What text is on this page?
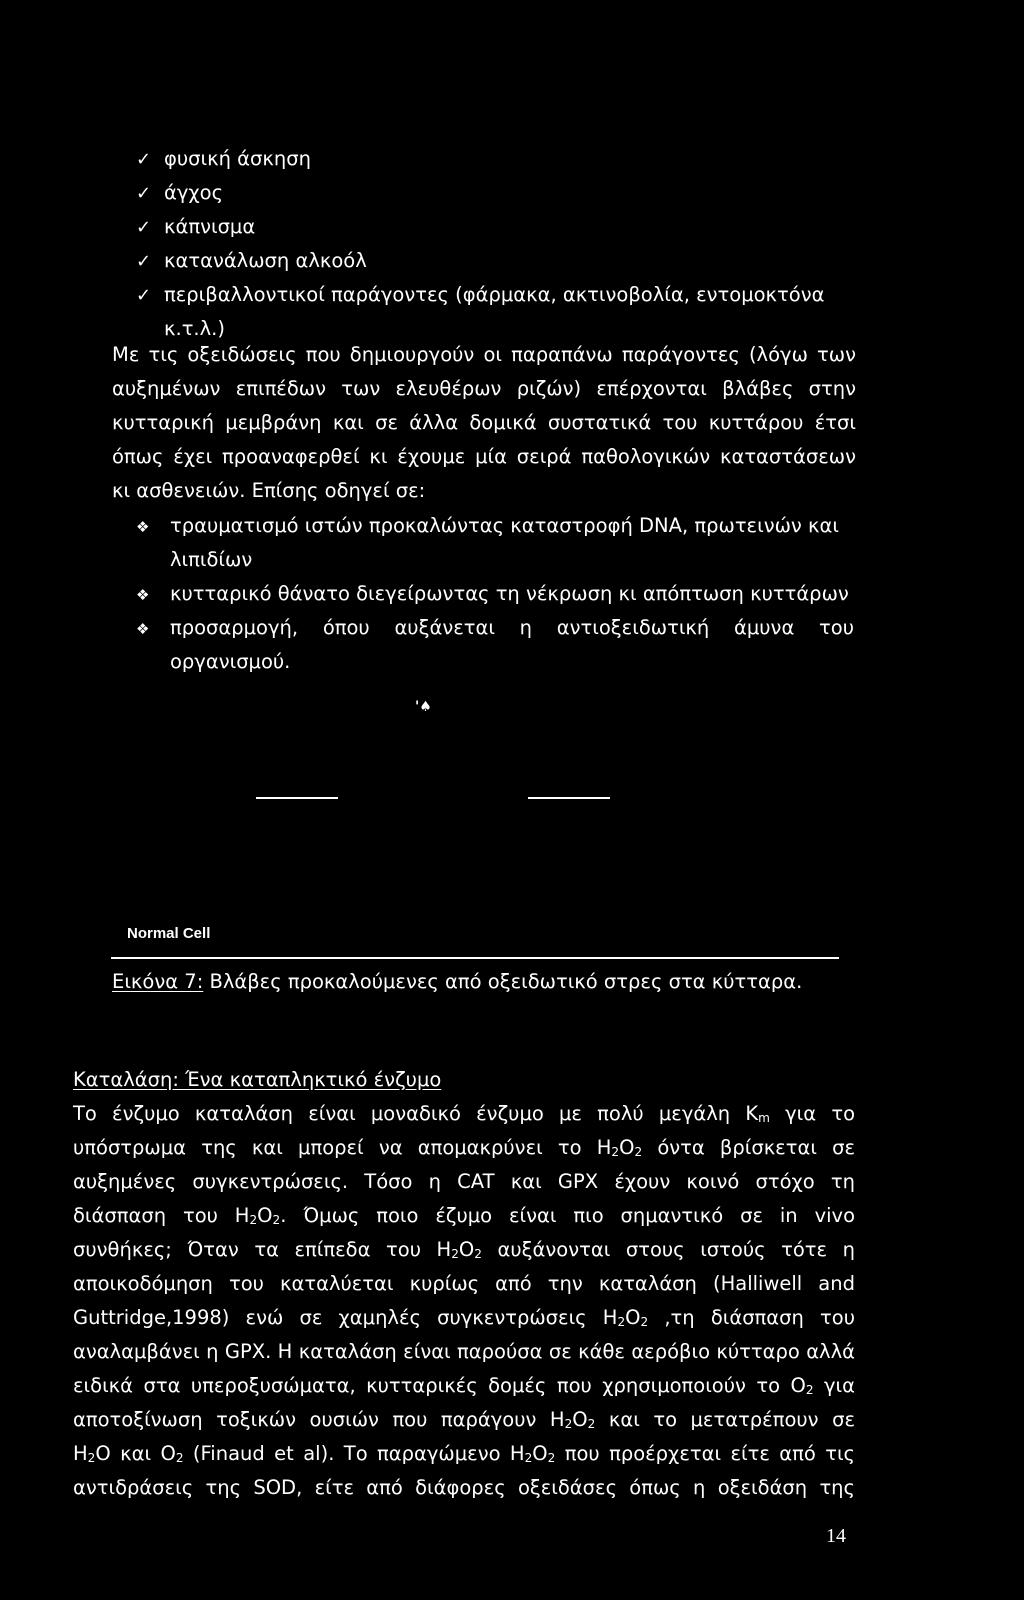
✓ φυσική άσκηση
✓ άγχος
✓ κάπνισμα
✓ κατανάλωση αλκοόλ
✓ περιβαλλοντικοί παράγοντες (φάρμακα, ακτινοβολία, εντομοκτόνα
κ.τ.λ.)
Με τις οξειδώσεις που δημιουργούν οι παραπάνω παράγοντες (λόγω των
αυξημένων επιπέδων των ελευθέρων ριζών) επέρχονται βλάβες στην
κυτταρική μεμβράνη και σε άλλα δομικά συστατικά του κυττάρου έτσι
όπως έχει προαναφερθεί κι έχουμε μία σειρά παθολογικών καταστάσεων
κι ασθενειών. Επίσης οδηγεί σε:
❖ τραυματισμό ιστών προκαλώντας καταστροφή DNA, πρωτεινών και
λιπιδίων
❖ κυτταρικό θάνατο διεγείρωντας τη νέκρωση κι απόπτωση κυττάρων
❖ προσαρμογή, όπου αυξάνεται η αντιοξειδωτική άμυνα του
οργανισμού.
'♠
Normal Cell
Εικόνα 7: Βλάβες προκαλούμενες από οξειδωτικό στρες στα κύτταρα.
Καταλάση: Ένα καταπληκτικό ένζυμο
Το ένζυμο καταλάση είναι μοναδικό ένζυμο με πολύ μεγάλη $K_m$ για το
υπόστρωμα της και μπορεί να απομακρύνει το $H_2O_2$ όντα βρίσκεται σε
αυξημένες συγκεντρώσεις. Τόσο η CAT και GPX έχουν κοινό στόχο τη
διάσπαση του $H_2O_2$. Όμως ποιο έζυμο είναι πιο σημαντικό σε in vivo
συνθήκες; Όταν τα επίπεδα του $H_2O_2$ αυξάνονται στους ιστούς τότε η
αποικοδόμηση του καταλύεται κυρίως από την καταλάση (Halliwell and
Guttridge,1998) ενώ σε χαμηλές συγκεντρώσεις $H_2O_2$ ,τη διάσπαση του
αναλαμβάνει η GPX. Η καταλάση είναι παρούσα σε κάθε αερόβιο κύτταρο αλλά
ειδικά στα υπεροξυσώματα, κυτταρικές δομές που χρησιμοποιούν το $O_2$ για
αποτοξίνωση τοξικών ουσιών που παράγουν $H_2O_2$ και το μετατρέπουν σε
$H_2O$ και $O_2$ (Finaud et al). Το παραγώμενο $H_2O_2$ που προέρχεται είτε από τις
αντιδράσεις της SOD, είτε από διάφορες οξειδάσες όπως η οξειδάση της
14
